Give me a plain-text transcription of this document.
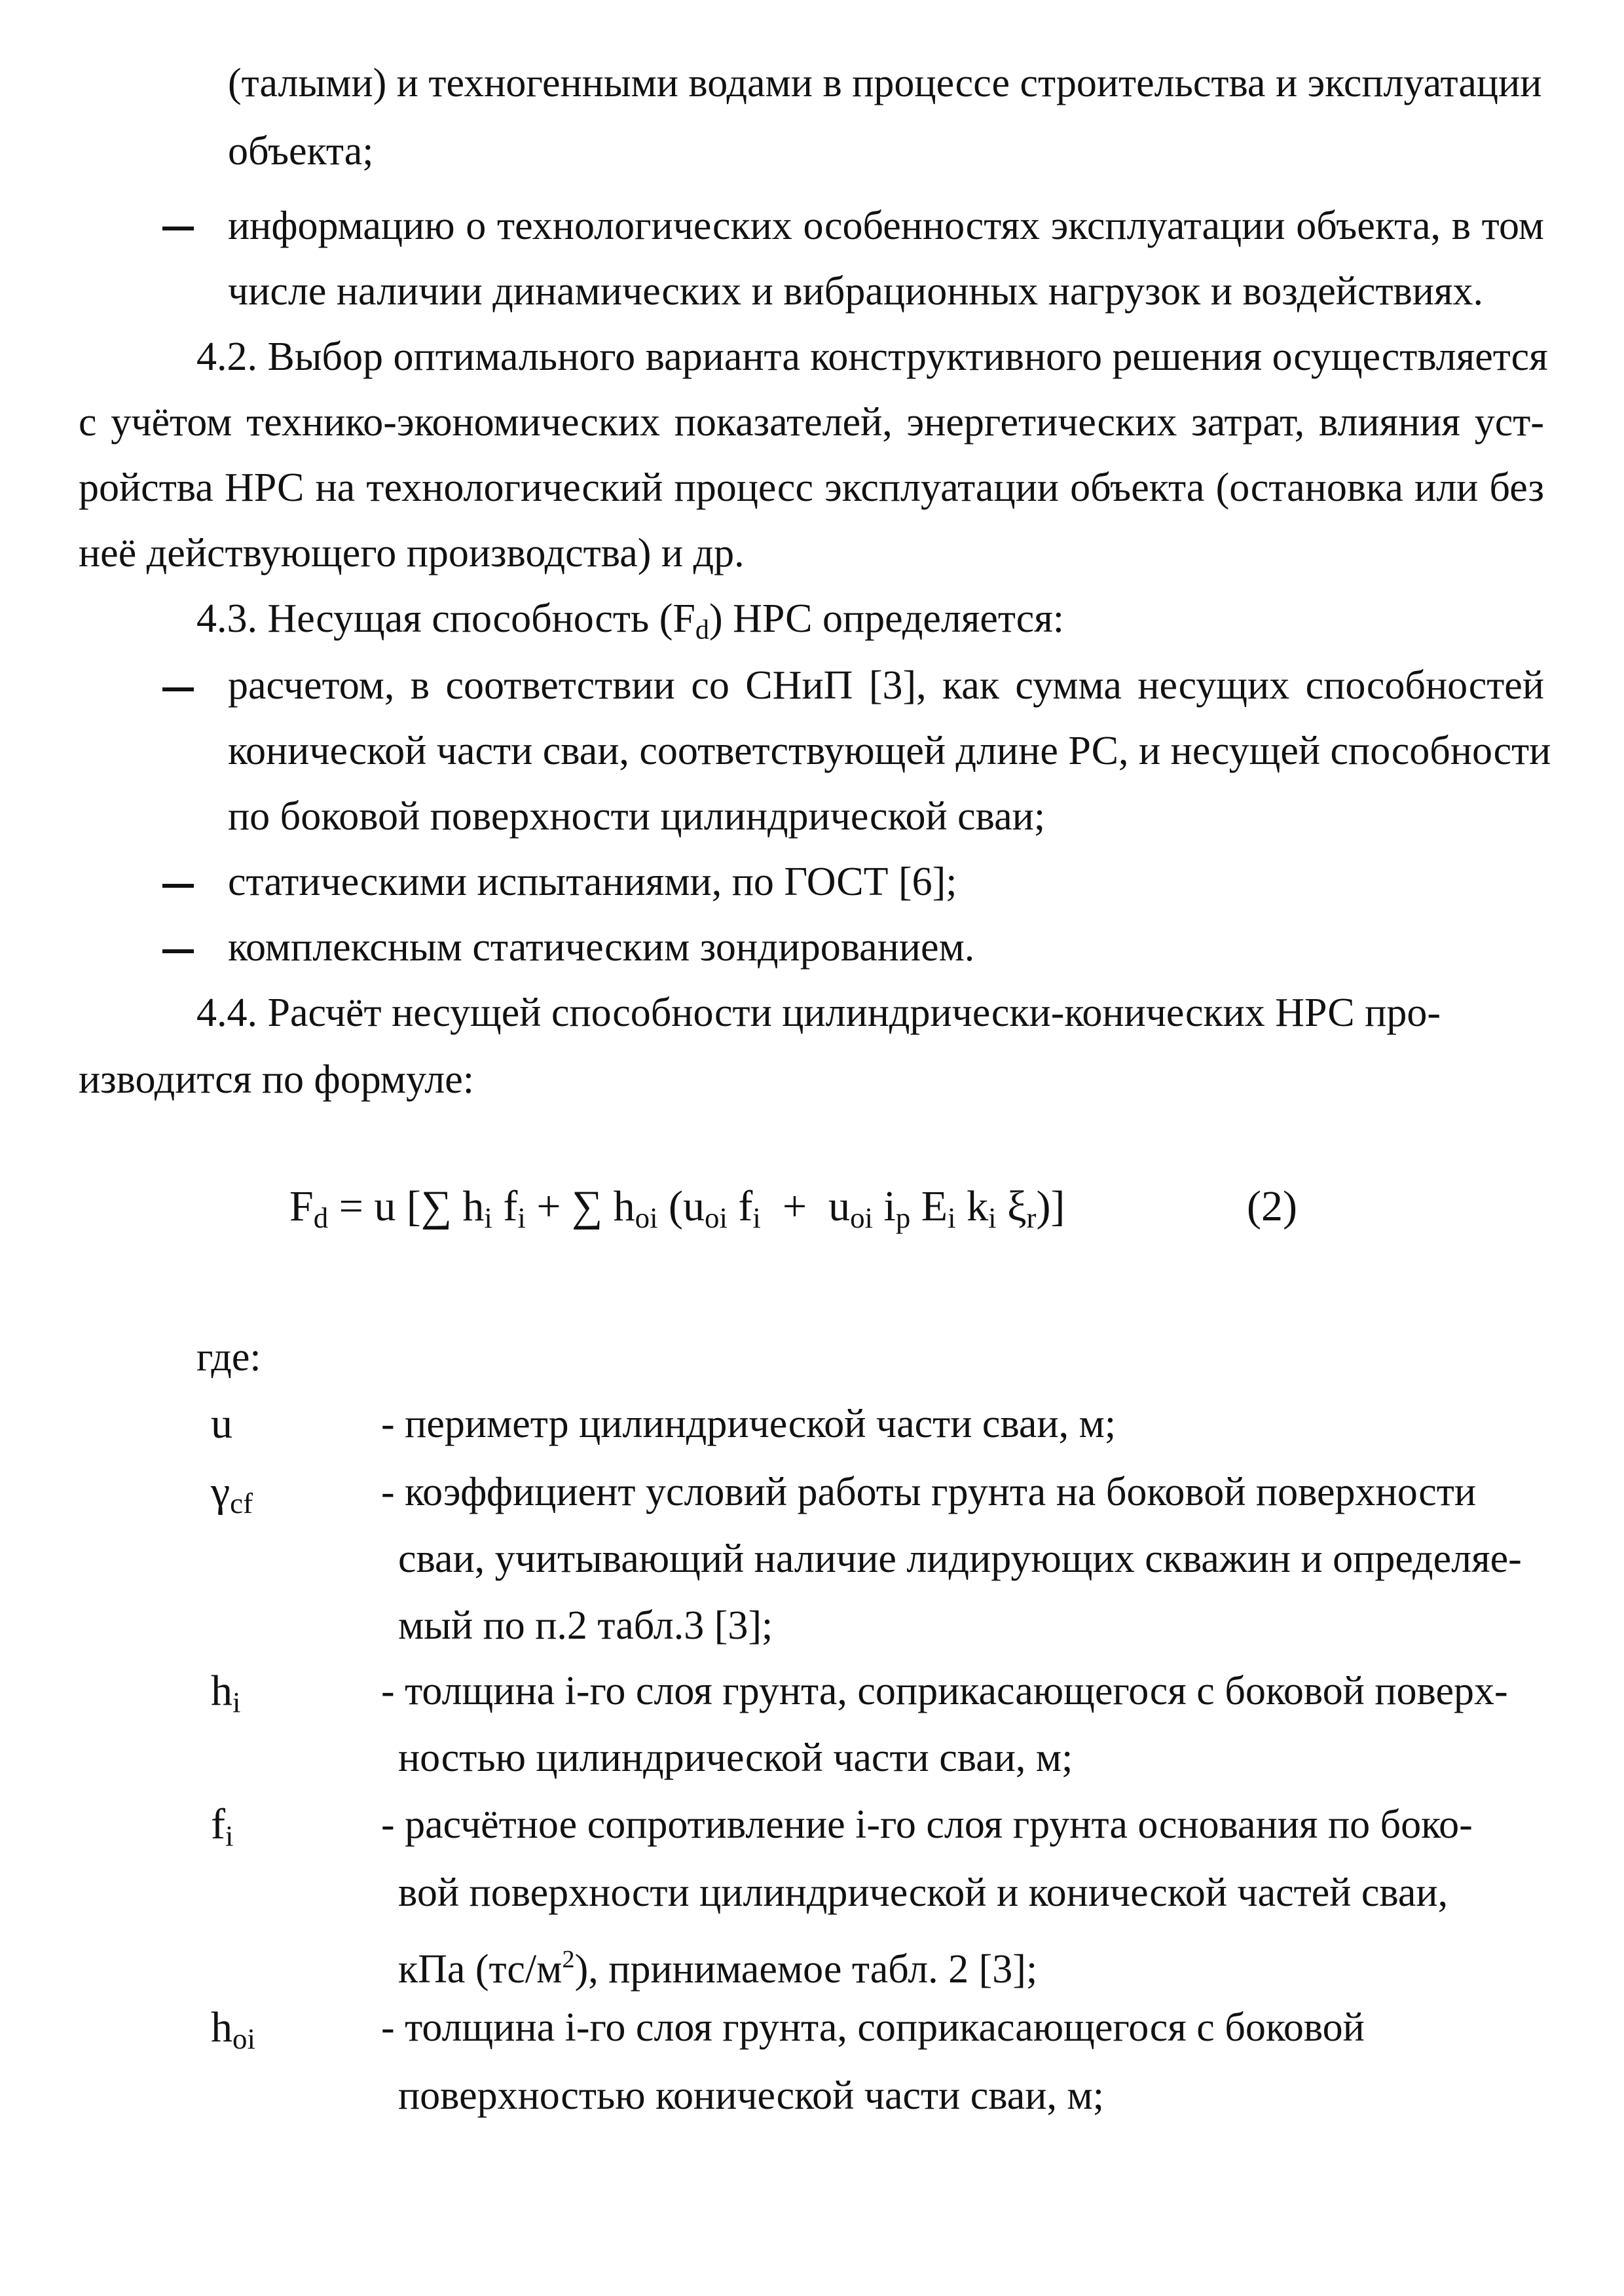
(талыми) и техногенными водами в процессе строительства и эксплуатации
объекта;
информацию о технологических особенностях эксплуатации объекта, в том
числе наличии динамических и вибрационных нагрузок и воздействиях.
4.2. Выбор оптимального варианта конструктивного решения осуществляется
с учётом технико-экономических показателей, энергетических затрат, влияния уст-
ройства НРС на технологический процесс эксплуатации объекта (остановка или без
неё действующего производства) и др.
4.3. Несущая способность $(F_d)$ НРС определяется:
расчетом, в соответствии со СНиП [3], как сумма несущих способностей
конической части сваи, соответствующей длине РС, и несущей способности
по боковой поверхности цилиндрической сваи;
статическими испытаниями, по ГОСТ [6];
комплексным статическим зондированием.
4.4. Расчёт несущей способности цилиндрически-конических НРС про-
изводится по формуле:
$F_d = u$ [∑ $h_i$ $f_i$ + ∑ $h_{oi}$ ($u_{oi}$ $f_i + u_{oi}$ $i_p$ $E_i$ $k_i$ $\xi_r$)]	(2)
где:
u	- периметр цилиндрической части сваи, м;
$\gamma_{cf}$	- коэффициент условий работы грунта на боковой поверхности
сваи, учитывающий наличие лидирующих скважин и определяе-
мый по п.2 табл.3 [3];
$h_i$	- толщина i-го слоя грунта, соприкасающегося с боковой поверх-
ностью цилиндрической части сваи, м;
$f_i$	- расчётное сопротивление i-го слоя грунта основания по боко-
вой поверхности цилиндрической и конической частей сваи,
кПа $(тс/м^2)$, принимаемое табл. 2 [3];
$h_{oi}$	- толщина i-го слоя грунта, соприкасающегося с боковой
поверхностью конической части сваи, м;
